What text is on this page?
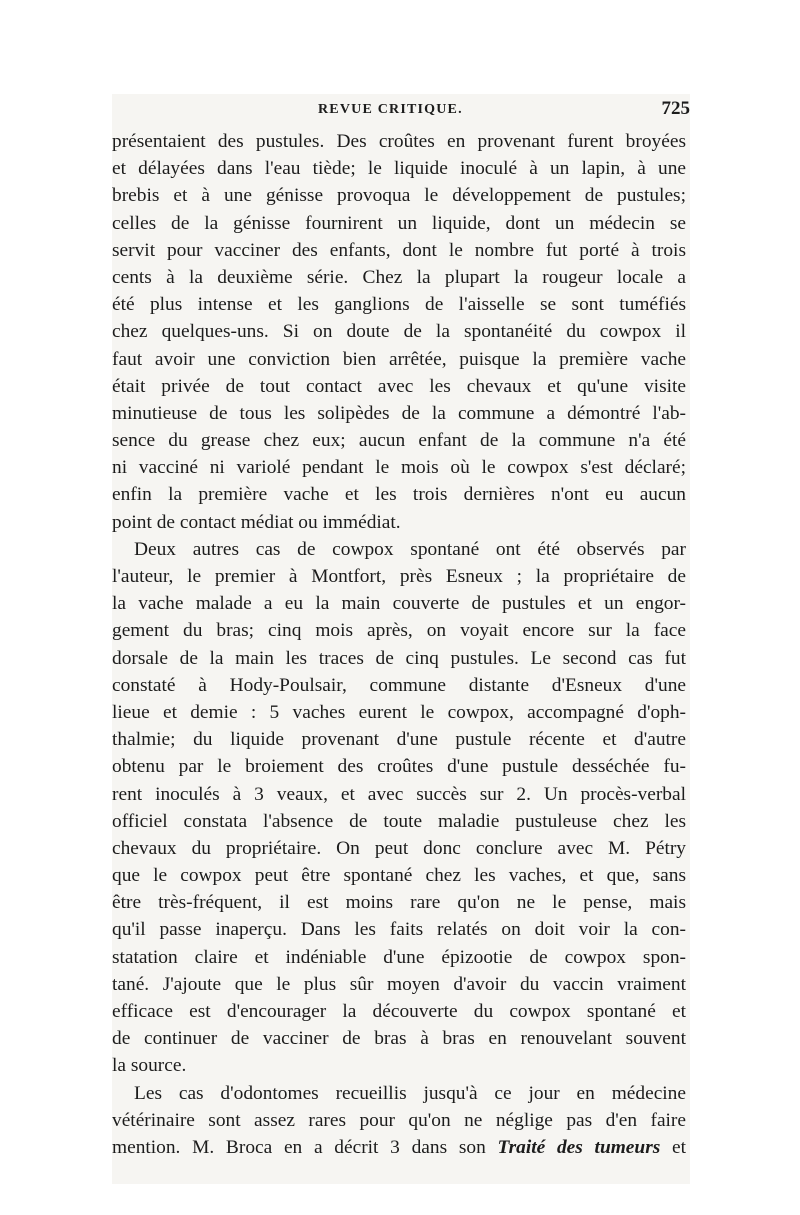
REVUE CRITIQUE.	725
présentaient des pustules. Des croûtes en provenant furent broyées
et délayées dans l'eau tiède; le liquide inoculé à un lapin, à une
brebis et à une génisse provoqua le développement de pustules;
celles de la génisse fournirent un liquide, dont un médecin se
servit pour vacciner des enfants, dont le nombre fut porté à trois
cents à la deuxième série. Chez la plupart la rougeur locale a
été plus intense et les ganglions de l'aisselle se sont tuméfiés
chez quelques-uns. Si on doute de la spontanéité du cowpox il
faut avoir une conviction bien arrêtée, puisque la première vache
était privée de tout contact avec les chevaux et qu'une visite
minutieuse de tous les solipèdes de la commune a démontré l'ab-
sence du grease chez eux; aucun enfant de la commune n'a été
ni vacciné ni variolé pendant le mois où le cowpox s'est déclaré;
enfin la première vache et les trois dernières n'ont eu aucun
point de contact médiat ou immédiat.
Deux autres cas de cowpox spontané ont été observés par
l'auteur, le premier à Montfort, près Esneux ; la propriétaire de
la vache malade a eu la main couverte de pustules et un engor-
gement du bras; cinq mois après, on voyait encore sur la face
dorsale de la main les traces de cinq pustules. Le second cas fut
constaté à Hody-Poulsair, commune distante d'Esneux d'une
lieue et demie : 5 vaches eurent le cowpox, accompagné d'oph-
thalmie; du liquide provenant d'une pustule récente et d'autre
obtenu par le broiement des croûtes d'une pustule desséchée fu-
rent inoculés à 3 veaux, et avec succès sur 2. Un procès-verbal
officiel constata l'absence de toute maladie pustuleuse chez les
chevaux du propriétaire. On peut donc conclure avec M. Pétry
que le cowpox peut être spontané chez les vaches, et que, sans
être très-fréquent, il est moins rare qu'on ne le pense, mais
qu'il passe inaperçu. Dans les faits relatés on doit voir la con-
statation claire et indéniable d'une épizootie de cowpox spon-
tané. J'ajoute que le plus sûr moyen d'avoir du vaccin vraiment
efficace est d'encourager la découverte du cowpox spontané et
de continuer de vacciner de bras à bras en renouvelant souvent
la source.
Les cas d'odontomes recueillis jusqu'à ce jour en médecine
vétérinaire sont assez rares pour qu'on ne néglige pas d'en faire
mention. M. Broca en a décrit 3 dans son Traité des tumeurs et
